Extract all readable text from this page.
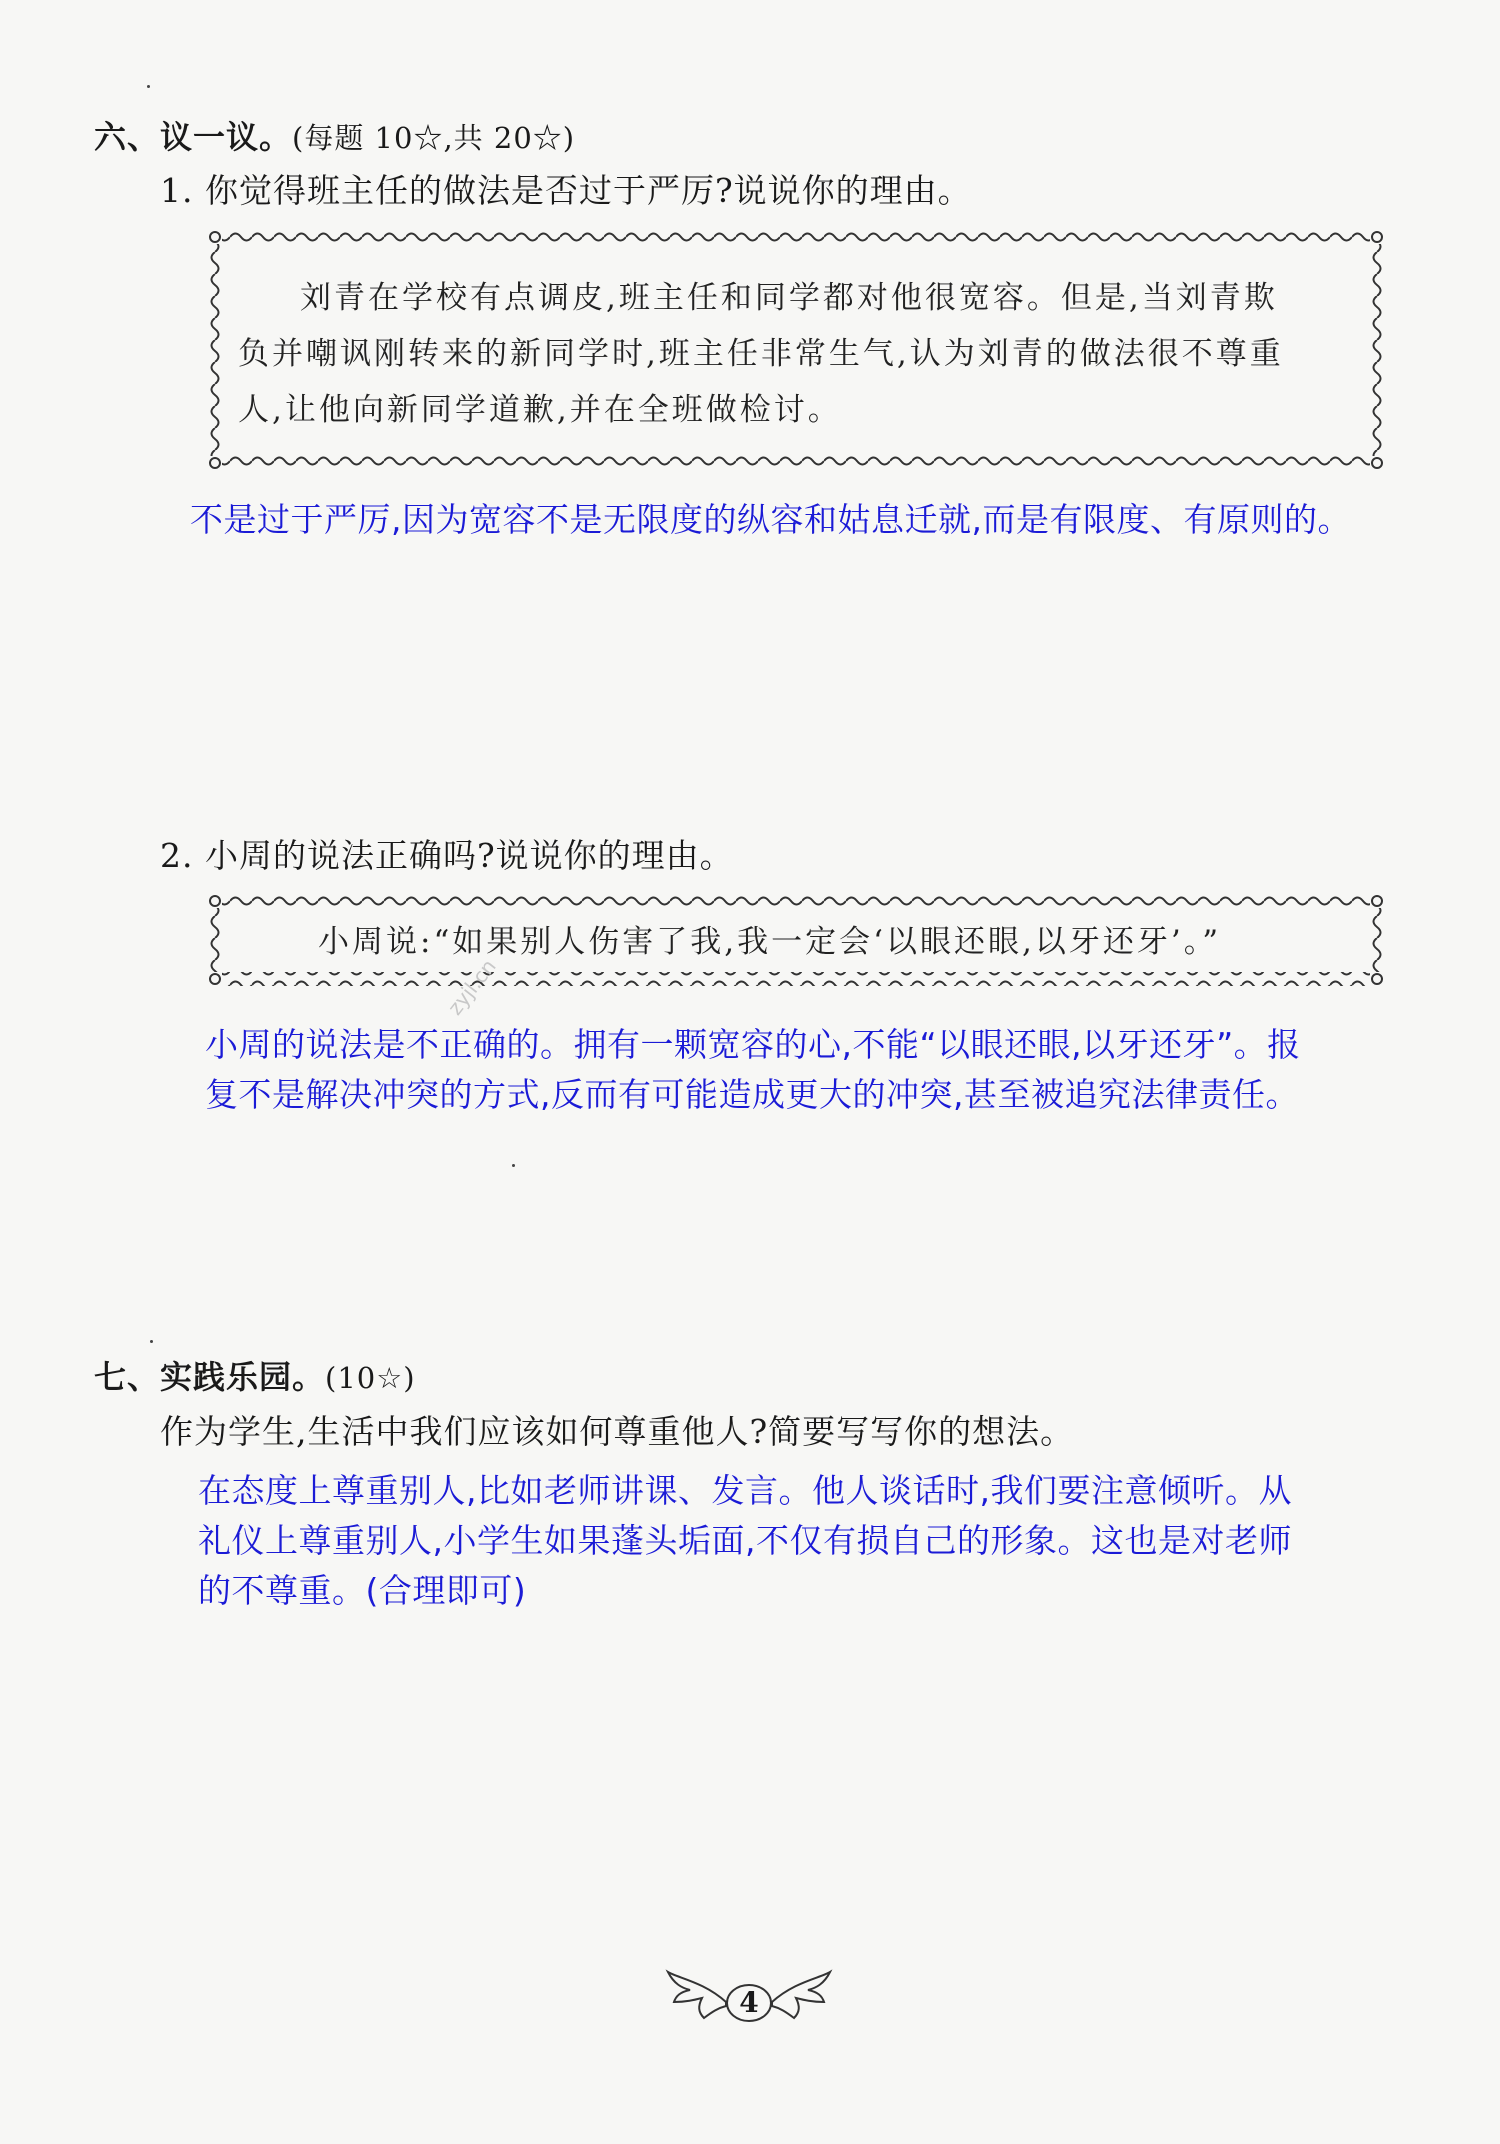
六、议一议。(每题 10☆,共 20☆)
1. 你觉得班主任的做法是否过于严厉?说说你的理由。
刘青在学校有点调皮,班主任和同学都对他很宽容。但是,当刘青欺
负并嘲讽刚转来的新同学时,班主任非常生气,认为刘青的做法很不尊重
人,让他向新同学道歉,并在全班做检讨。
不是过于严厉,因为宽容不是无限度的纵容和姑息迁就,而是有限度、有原则的。
2. 小周的说法正确吗?说说你的理由。
小周说:“如果别人伤害了我,我一定会‘以眼还眼,以牙还牙’。”
zyjl.cn
小周的说法是不正确的。拥有一颗宽容的心,不能“以眼还眼,以牙还牙”。报
复不是解决冲突的方式,反而有可能造成更大的冲突,甚至被追究法律责任。
七、实践乐园。(10☆)
作为学生,生活中我们应该如何尊重他人?简要写写你的想法。
在态度上尊重别人,比如老师讲课、发言。他人谈话时,我们要注意倾听。从
礼仪上尊重别人,小学生如果蓬头垢面,不仅有损自己的形象。这也是对老师
的不尊重。(合理即可)
4
